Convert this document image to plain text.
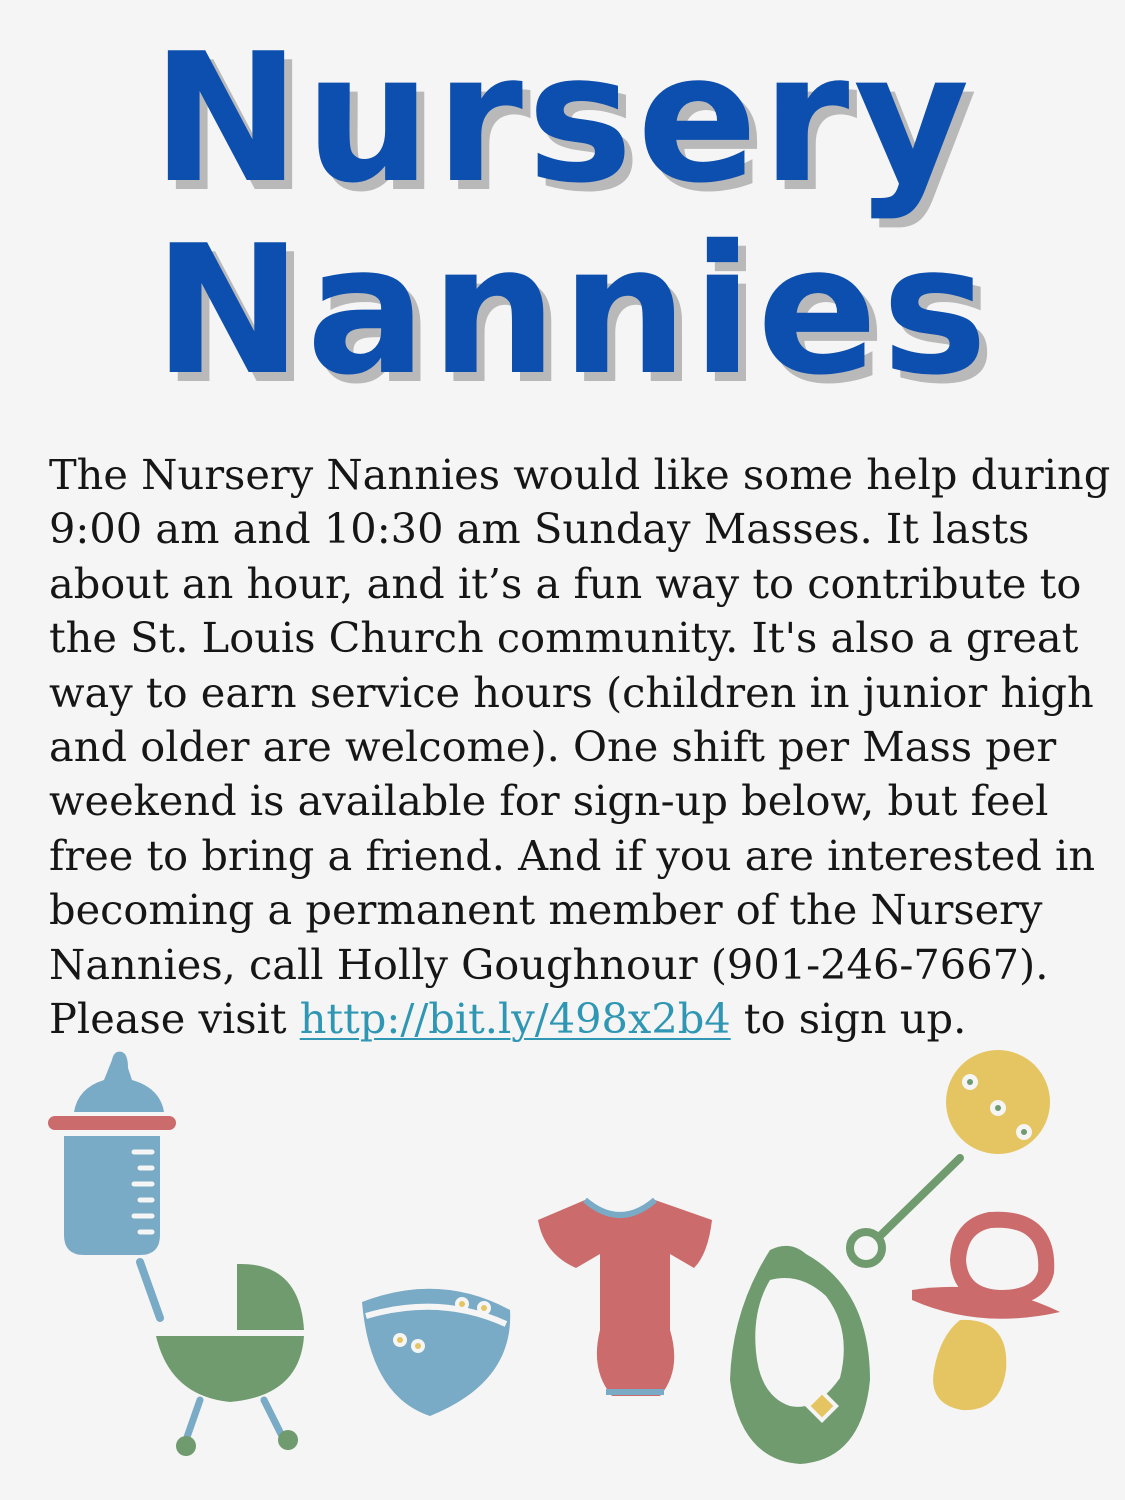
Nursery
Nannies

The Nursery Nannies would like some help during
9:00 am and 10:30 am Sunday Masses. It lasts
about an hour, and it’s a fun way to contribute to
the St. Louis Church community. It's also a great
way to earn service hours (children in junior high
and older are welcome). One shift per Mass per
weekend is available for sign-up below, but feel
free to bring a friend. And if you are interested in
becoming a permanent member of the Nursery
Nannies, call Holly Goughnour (901-246-7667).
Please visit http://bit.ly/498x2b4 to sign up.
